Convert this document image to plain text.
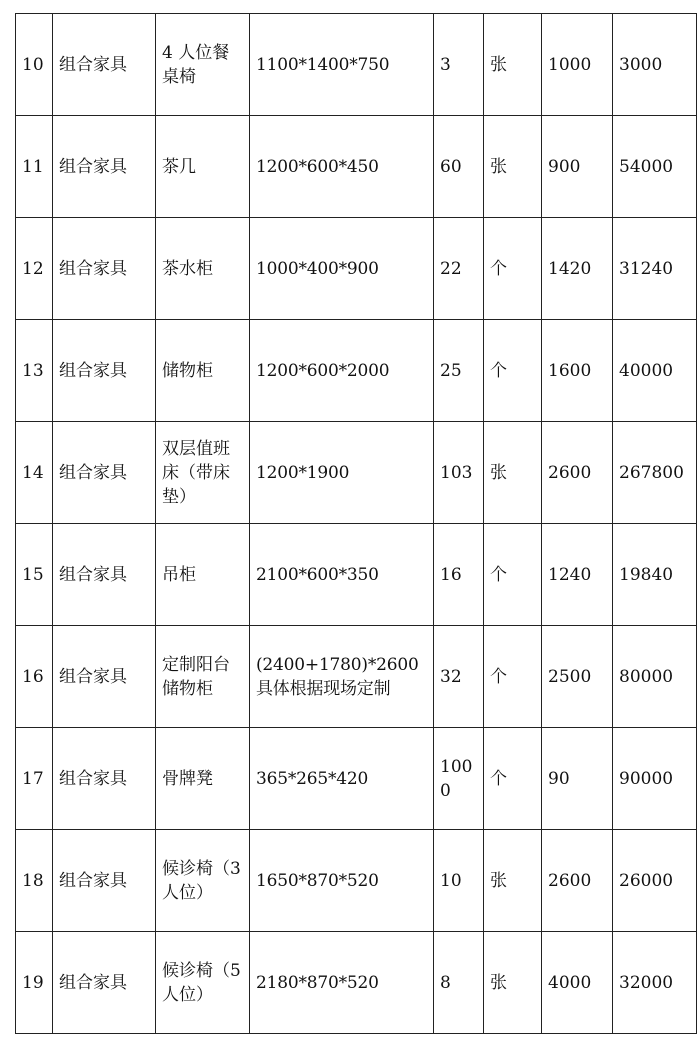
10	组合家具	4 人位餐桌椅	1100*1400*750	3	张	1000	3000
11	组合家具	茶几	1200*600*450	60	张	900	54000
12	组合家具	茶水柜	1000*400*900	22	个	1420	31240
13	组合家具	储物柜	1200*600*2000	25	个	1600	40000
14	组合家具	双层值班床（带床垫）	1200*1900	103	张	2600	267800
15	组合家具	吊柜	2100*600*350	16	个	1240	19840
16	组合家具	定制阳台储物柜	(2400+1780)*2600 具体根据现场定制	32	个	2500	80000
17	组合家具	骨牌凳	365*265*420	1000	个	90	90000
18	组合家具	候诊椅（3 人位）	1650*870*520	10	张	2600	26000
19	组合家具	候诊椅（5 人位）	2180*870*520	8	张	4000	32000
